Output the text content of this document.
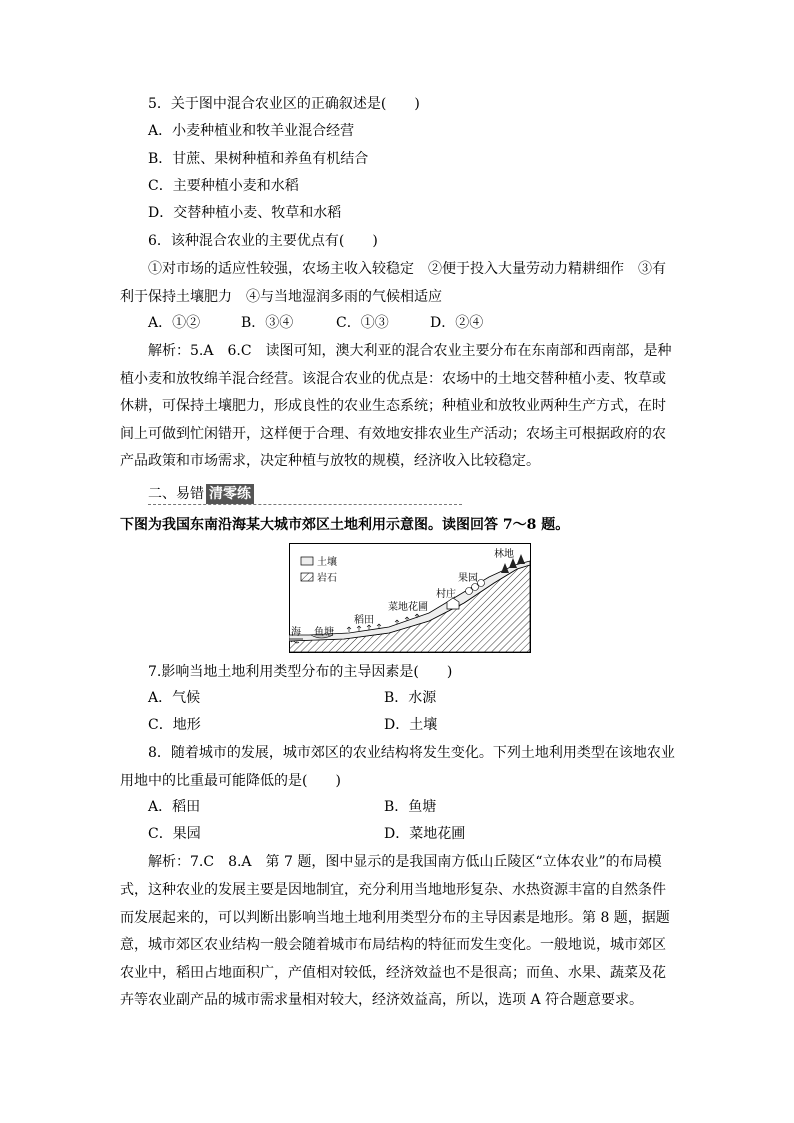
5．关于图中混合农业区的正确叙述是(　　)
A．小麦种植业和牧羊业混合经营
B．甘蔗、果树种植和养鱼有机结合
C．主要种植小麦和水稻
D．交替种植小麦、牧草和水稻
6．该种混合农业的主要优点有(　　)
①对市场的适应性较强，农场主收入较稳定　②便于投入大量劳动力精耕细作　③有
利于保持土壤肥力　④与当地湿润多雨的气候相适应
A．①②	B．③④	C．①③	D．②④
解析：5.A　6.C　读图可知，澳大利亚的混合农业主要分布在东南部和西南部，是种
植小麦和放牧绵羊混合经营。该混合农业的优点是：农场中的土地交替种植小麦、牧草或
休耕，可保持土壤肥力，形成良性的农业生态系统；种植业和放牧业两种生产方式，在时
间上可做到忙闲错开，这样便于合理、有效地安排农业生产活动；农场主可根据政府的农
产品政策和市场需求，决定种植与放牧的规模，经济收入比较稳定。
二、易错 清零练
下图为我国东南沿海某大城市郊区土地利用示意图。读图回答 7～8 题。
土壤
岩石
林地
果园
村庄
菜地花圃
稻田
海 鱼塘
7.影响当地土地利用类型分布的主导因素是(　　)
A．气候	B．水源
C．地形	D．土壤
8．随着城市的发展，城市郊区的农业结构将发生变化。下列土地利用类型在该地农业
用地中的比重最可能降低的是(　　)
A．稻田	B．鱼塘
C．果园	D．菜地花圃
解析：7.C　8.A　第 7 题，图中显示的是我国南方低山丘陵区“立体农业”的布局模
式，这种农业的发展主要是因地制宜，充分利用当地地形复杂、水热资源丰富的自然条件
而发展起来的，可以判断出影响当地土地利用类型分布的主导因素是地形。第 8 题，据题
意，城市郊区农业结构一般会随着城市布局结构的特征而发生变化。一般地说，城市郊区
农业中，稻田占地面积广，产值相对较低，经济效益也不是很高；而鱼、水果、蔬菜及花
卉等农业副产品的城市需求量相对较大，经济效益高，所以，选项 A 符合题意要求。
